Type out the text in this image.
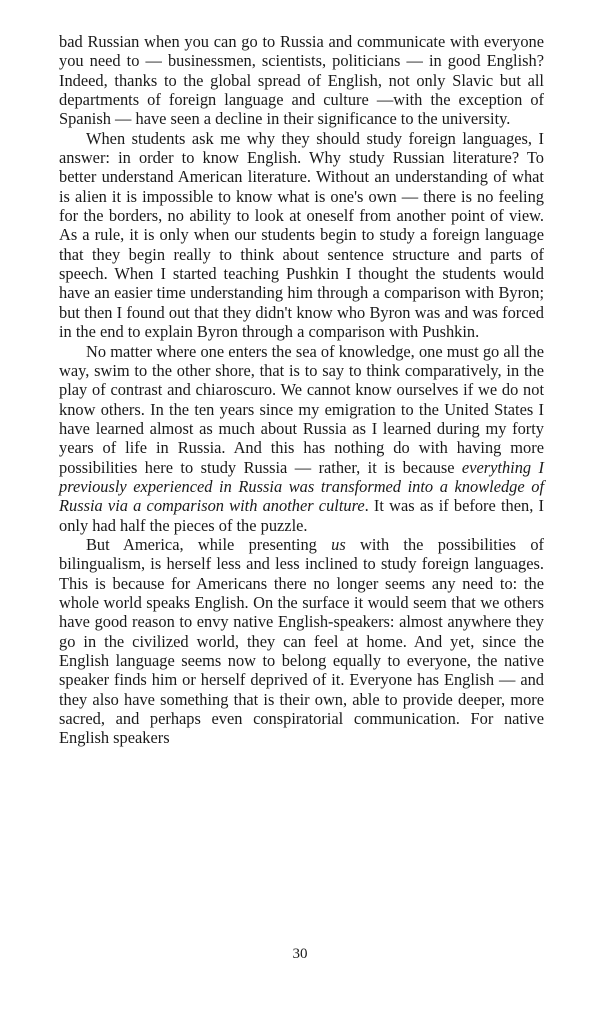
bad Russian when you can go to Russia and communicate with everyone you need to — businessmen, scientists, politicians — in good English? Indeed, thanks to the global spread of English, not only Slavic but all departments of foreign language and culture —with the exception of Spanish — have seen a decline in their significance to the university.

When students ask me why they should study foreign languages, I answer: in order to know English. Why study Russian literature? To better understand American literature. Without an understanding of what is alien it is impossible to know what is one's own — there is no feeling for the borders, no ability to look at oneself from another point of view. As a rule, it is only when our students begin to study a foreign language that they begin really to think about sentence structure and parts of speech. When I started teaching Pushkin I thought the students would have an easier time understanding him through a comparison with Byron; but then I found out that they didn't know who Byron was and was forced in the end to explain Byron through a comparison with Pushkin.

No matter where one enters the sea of knowledge, one must go all the way, swim to the other shore, that is to say to think comparatively, in the play of contrast and chiaroscuro. We cannot know ourselves if we do not know others. In the ten years since my emigration to the United States I have learned almost as much about Russia as I learned during my forty years of life in Russia. And this has nothing do with having more possibilities here to study Russia — rather, it is because everything I previously experienced in Russia was transformed into a knowledge of Russia via a comparison with another culture. It was as if before then, I only had half the pieces of the puzzle.

But America, while presenting us with the possibilities of bilingualism, is herself less and less inclined to study foreign languages. This is because for Americans there no longer seems any need to: the whole world speaks English. On the surface it would seem that we others have good reason to envy native English-speakers: almost anywhere they go in the civilized world, they can feel at home. And yet, since the English language seems now to belong equally to everyone, the native speaker finds him or herself deprived of it. Everyone has English — and they also have something that is their own, able to provide deeper, more sacred, and perhaps even conspiratorial communication. For native English speakers

30
